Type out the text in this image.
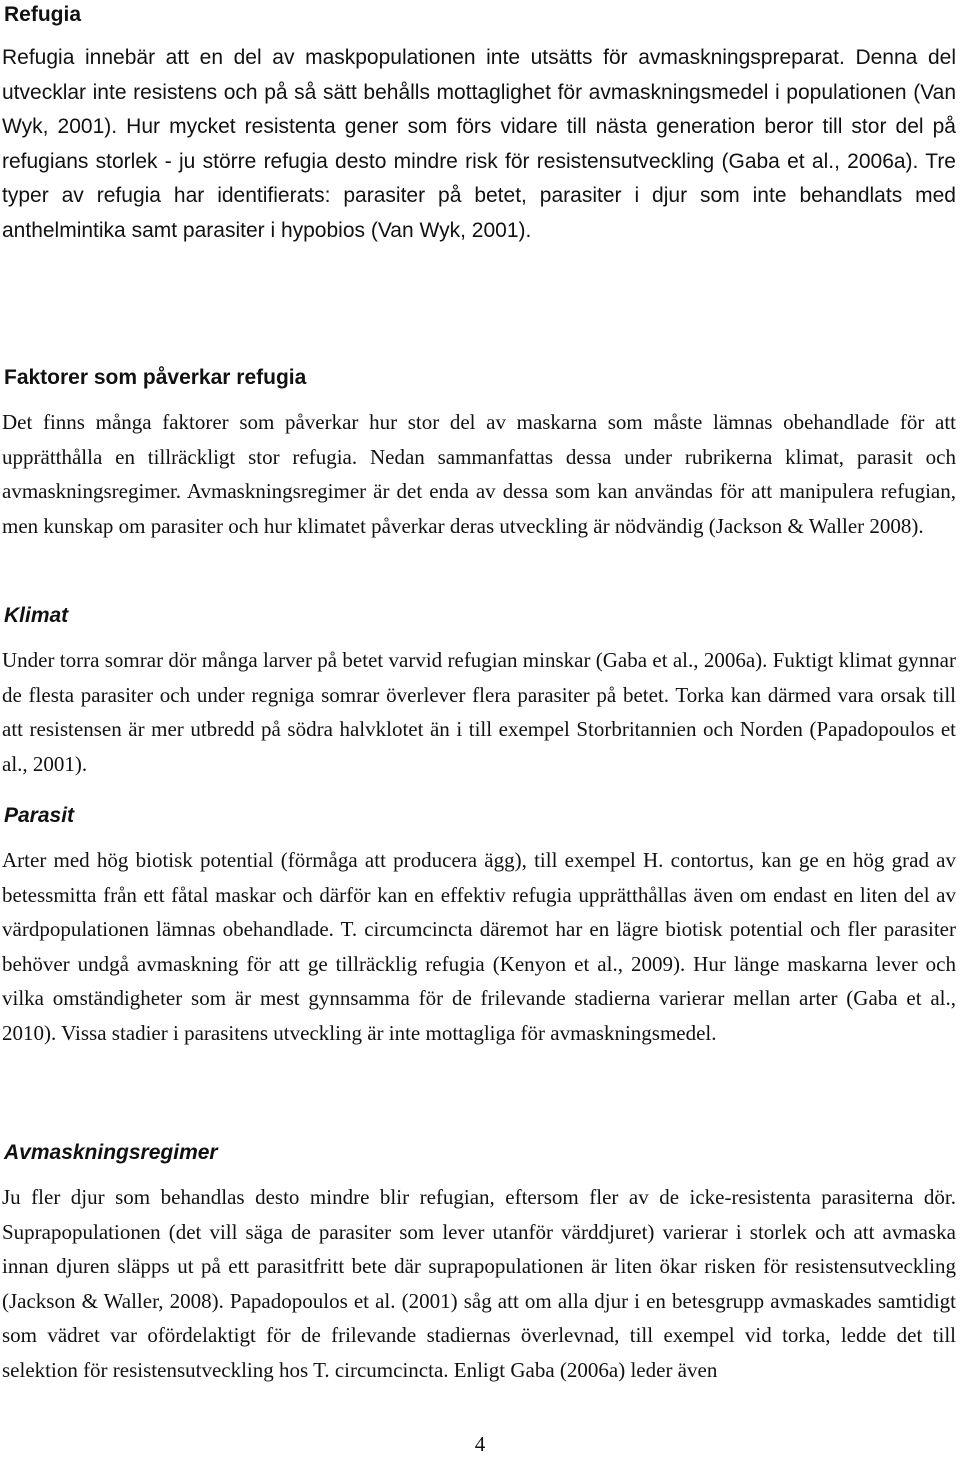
Refugia

Refugia innebär att en del av maskpopulationen inte utsätts för avmaskningspreparat. Denna del utvecklar inte resistens och på så sätt behålls mottaglighet för avmaskningsmedel i populationen (Van Wyk, 2001). Hur mycket resistenta gener som förs vidare till nästa generation beror till stor del på refugians storlek - ju större refugia desto mindre risk för resistensutveckling (Gaba et al., 2006a). Tre typer av refugia har identifierats: parasiter på betet, parasiter i djur som inte behandlats med anthelmintika samt parasiter i hypobios (Van Wyk, 2001).

Faktorer som påverkar refugia

Det finns många faktorer som påverkar hur stor del av maskarna som måste lämnas obehandlade för att upprätthålla en tillräckligt stor refugia. Nedan sammanfattas dessa under rubrikerna klimat, parasit och avmaskningsregimer. Avmaskningsregimer är det enda av dessa som kan användas för att manipulera refugian, men kunskap om parasiter och hur klimatet påverkar deras utveckling är nödvändig (Jackson & Waller 2008).

Klimat

Under torra somrar dör många larver på betet varvid refugian minskar (Gaba et al., 2006a). Fuktigt klimat gynnar de flesta parasiter och under regniga somrar överlever flera parasiter på betet. Torka kan därmed vara orsak till att resistensen är mer utbredd på södra halvklotet än i till exempel Storbritannien och Norden (Papadopoulos et al., 2001).

Parasit

Arter med hög biotisk potential (förmåga att producera ägg), till exempel H. contortus, kan ge en hög grad av betessmitta från ett fåtal maskar och därför kan en effektiv refugia upprätthållas även om endast en liten del av värdpopulationen lämnas obehandlade. T. circumcincta däremot har en lägre biotisk potential och fler parasiter behöver undgå avmaskning för att ge tillräcklig refugia (Kenyon et al., 2009). Hur länge maskarna lever och vilka omständigheter som är mest gynnsamma för de frilevande stadierna varierar mellan arter (Gaba et al., 2010). Vissa stadier i parasitens utveckling är inte mottagliga för avmaskningsmedel.

Avmaskningsregimer

Ju fler djur som behandlas desto mindre blir refugian, eftersom fler av de icke-resistenta parasiterna dör. Suprapopulationen (det vill säga de parasiter som lever utanför värddjuret) varierar i storlek och att avmaska innan djuren släpps ut på ett parasitfritt bete där suprapopulationen är liten ökar risken för resistensutveckling (Jackson & Waller, 2008). Papadopoulos et al. (2001) såg att om alla djur i en betesgrupp avmaskades samtidigt som vädret var ofördelaktigt för de frilevande stadiernas överlevnad, till exempel vid torka, ledde det till selektion för resistensutveckling hos T. circumcincta. Enligt Gaba (2006a) leder även

4
